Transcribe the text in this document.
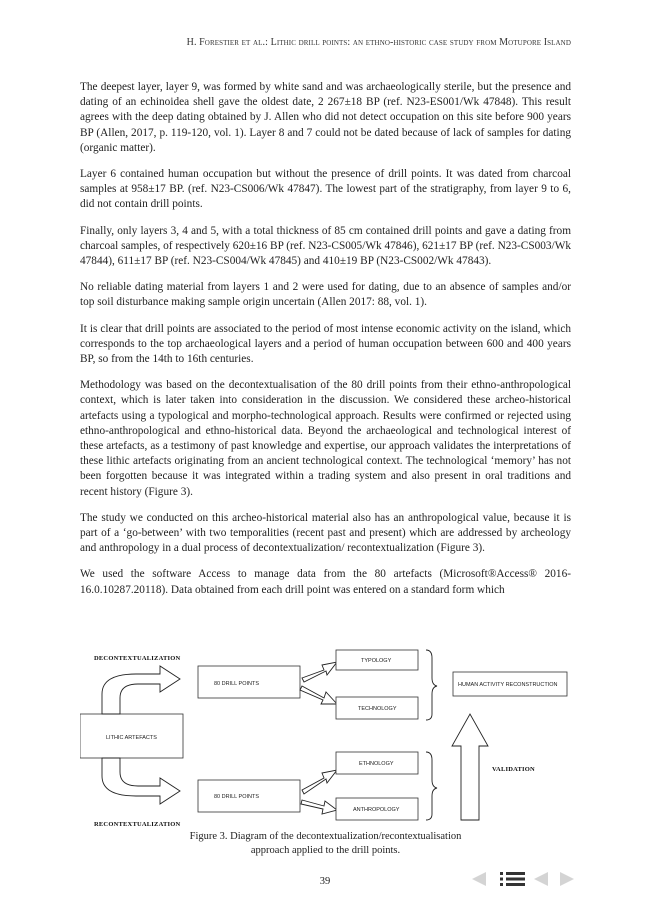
H. Forestier et al.: Lithic drill points: an ethno-historic case study from Motupore Island

The deepest layer, layer 9, was formed by white sand and was archaeologically sterile, but the presence and dating of an echinoidea shell gave the oldest date, 2 267±18 BP (ref. N23-ES001/Wk 47848). This result agrees with the deep dating obtained by J. Allen who did not detect occupation on this site before 900 years BP (Allen, 2017, p. 119-120, vol. 1). Layer 8 and 7 could not be dated because of lack of samples for dating (organic matter).

Layer 6 contained human occupation but without the presence of drill points. It was dated from charcoal samples at 958±17 BP. (ref. N23-CS006/Wk 47847). The lowest part of the stratigraphy, from layer 9 to 6, did not contain drill points.

Finally, only layers 3, 4 and 5, with a total thickness of 85 cm contained drill points and gave a dating from charcoal samples, of respectively 620±16 BP (ref. N23-CS005/Wk 47846), 621±17 BP (ref. N23-CS003/Wk 47844), 611±17 BP (ref. N23-CS004/Wk 47845) and 410±19 BP (N23-CS002/Wk 47843).

No reliable dating material from layers 1 and 2 were used for dating, due to an absence of samples and/or top soil disturbance making sample origin uncertain (Allen 2017: 88, vol. 1).

It is clear that drill points are associated to the period of most intense economic activity on the island, which corresponds to the top archaeological layers and a period of human occupation between 600 and 400 years BP, so from the 14th to 16th centuries.

Methodology was based on the decontextualisation of the 80 drill points from their ethno-anthropological context, which is later taken into consideration in the discussion. We considered these archeo-historical artefacts using a typological and morpho-technological approach. Results were confirmed or rejected using ethno-anthropological and ethno-historical data. Beyond the archaeological and technological interest of these artefacts, as a testimony of past knowledge and expertise, our approach validates the interpretations of these lithic artefacts originating from an ancient technological context. The technological ‘memory’ has not been forgotten because it was integrated within a trading system and also present in oral traditions and recent history (Figure 3).

The study we conducted on this archeo-historical material also has an anthropological value, because it is part of a ‘go-between’ with two temporalities (recent past and present) which are addressed by archeology and anthropology in a dual process of decontextualization/ recontextualization (Figure 3).

We used the software Access to manage data from the 80 artefacts (Microsoft®Access® 2016-16.0.10287.20118). Data obtained from each drill point was entered on a standard form which

DECONTEXTUALIZATION
RECONTEXTUALIZATION
VALIDATION
LITHIC ARTEFACTS
80 DRILL POINTS
80 DRILL POINTS
TYPOLOGY
TECHNOLOGY
ETHNOLOGY
ANTHROPOLOGY
HUMAN ACTIVITY RECONSTRUCTION
Figure 3. Diagram of the decontextualization/recontextualisation
approach applied to the drill points.
39
